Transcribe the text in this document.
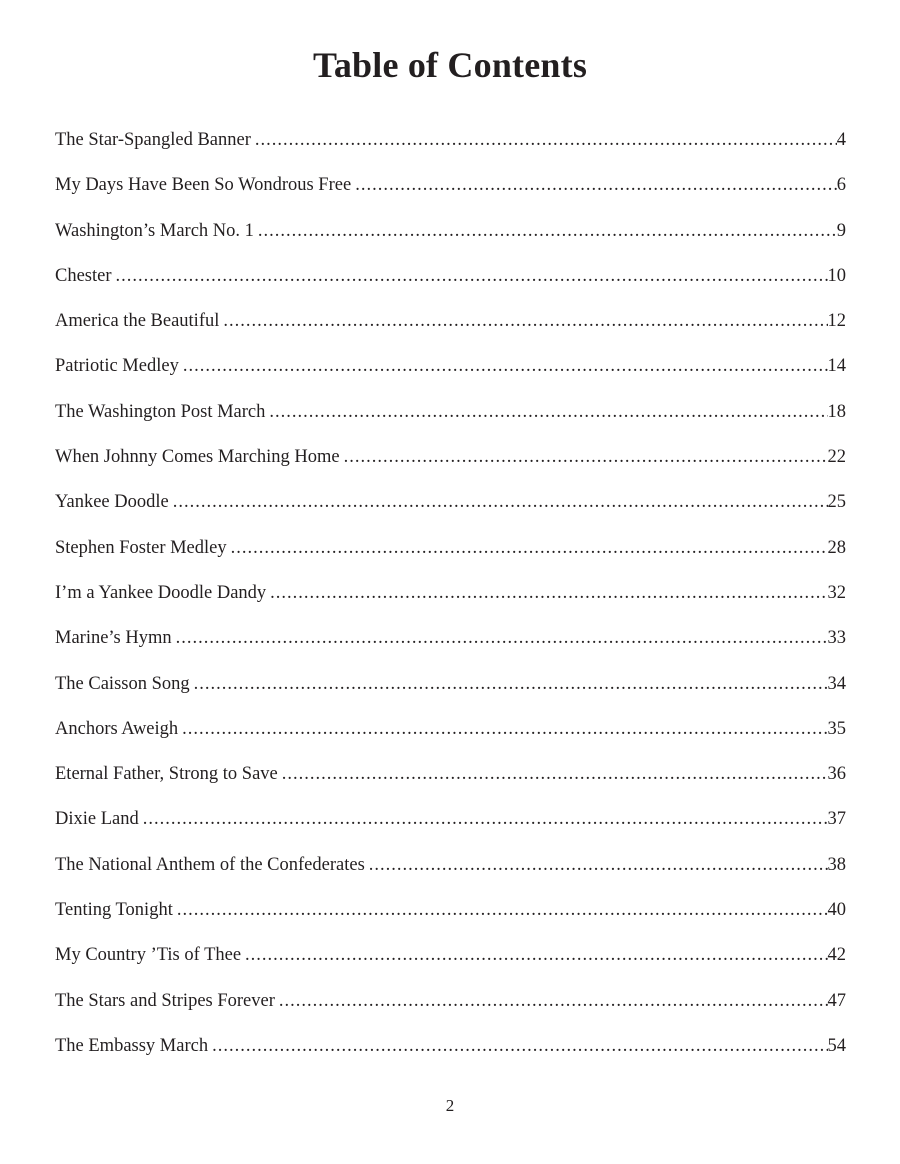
Table of Contents
The Star-Spangled Banner .....	4
My Days Have Been So Wondrous Free .....	6
Washington’s March No. 1 .....	9
Chester .....	10
America the Beautiful .....	12
Patriotic Medley .....	14
The Washington Post March .....	18
When Johnny Comes Marching Home .....	22
Yankee Doodle .....	25
Stephen Foster Medley .....	28
I’m a Yankee Doodle Dandy .....	32
Marine’s Hymn .....	33
The Caisson Song .....	34
Anchors Aweigh .....	35
Eternal Father, Strong to Save .....	36
Dixie Land .....	37
The National Anthem of the Confederates .....	38
Tenting Tonight .....	40
My Country ’Tis of Thee .....	42
The Stars and Stripes Forever .....	47
The Embassy March .....	54
2
